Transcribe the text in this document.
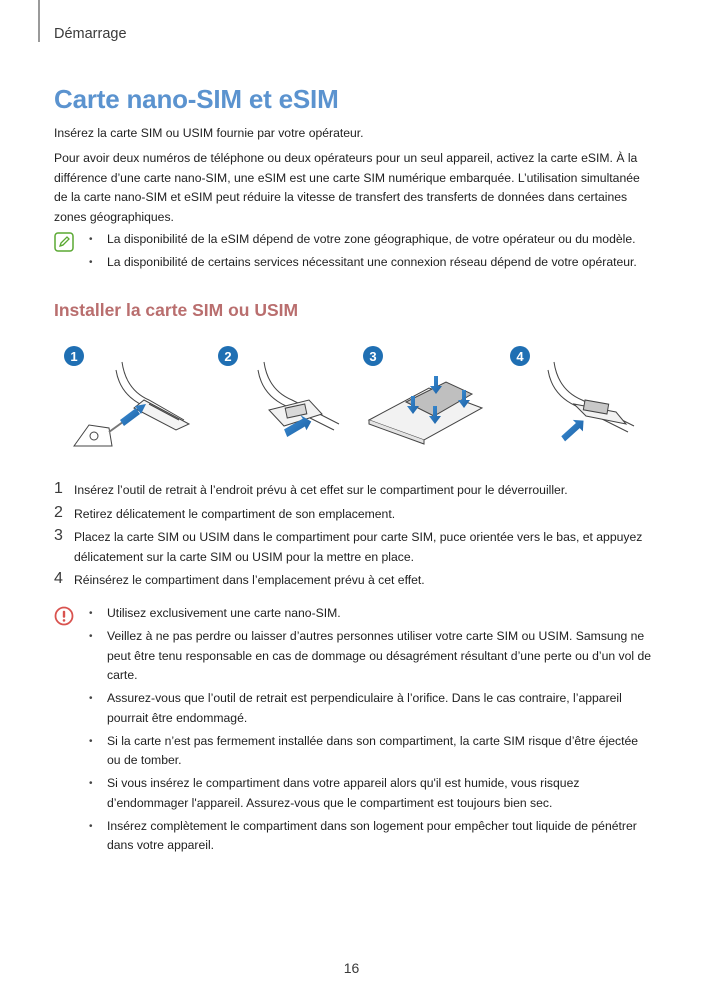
Démarrage
Carte nano-SIM et eSIM

Insérez la carte SIM ou USIM fournie par votre opérateur.

Pour avoir deux numéros de téléphone ou deux opérateurs pour un seul appareil, activez la carte eSIM. À la différence d’une carte nano-SIM, une eSIM est une carte SIM numérique embarquée. L’utilisation simultanée de la carte nano-SIM et eSIM peut réduire la vitesse de transfert des transferts de données dans certaines zones géographiques.

• La disponibilité de la eSIM dépend de votre zone géographique, de votre opérateur ou du modèle.
• La disponibilité de certains services nécessitant une connexion réseau dépend de votre opérateur.
Installer la carte SIM ou USIM
1	2	3	4
1 Insérez l’outil de retrait à l’endroit prévu à cet effet sur le compartiment pour le déverrouiller.
2 Retirez délicatement le compartiment de son emplacement.
3 Placez la carte SIM ou USIM dans le compartiment pour carte SIM, puce orientée vers le bas, et appuyez délicatement sur la carte SIM ou USIM pour la mettre en place.
4 Réinsérez le compartiment dans l’emplacement prévu à cet effet.
• Utilisez exclusivement une carte nano-SIM.
• Veillez à ne pas perdre ou laisser d’autres personnes utiliser votre carte SIM ou USIM. Samsung ne peut être tenu responsable en cas de dommage ou désagrément résultant d’une perte ou d’un vol de carte.
• Assurez-vous que l’outil de retrait est perpendiculaire à l’orifice. Dans le cas contraire, l’appareil pourrait être endommagé.
• Si la carte n’est pas fermement installée dans son compartiment, la carte SIM risque d’être éjectée ou de tomber.
• Si vous insérez le compartiment dans votre appareil alors qu'il est humide, vous risquez d’endommager l'appareil. Assurez-vous que le compartiment est toujours bien sec.
• Insérez complètement le compartiment dans son logement pour empêcher tout liquide de pénétrer dans votre appareil.
16
